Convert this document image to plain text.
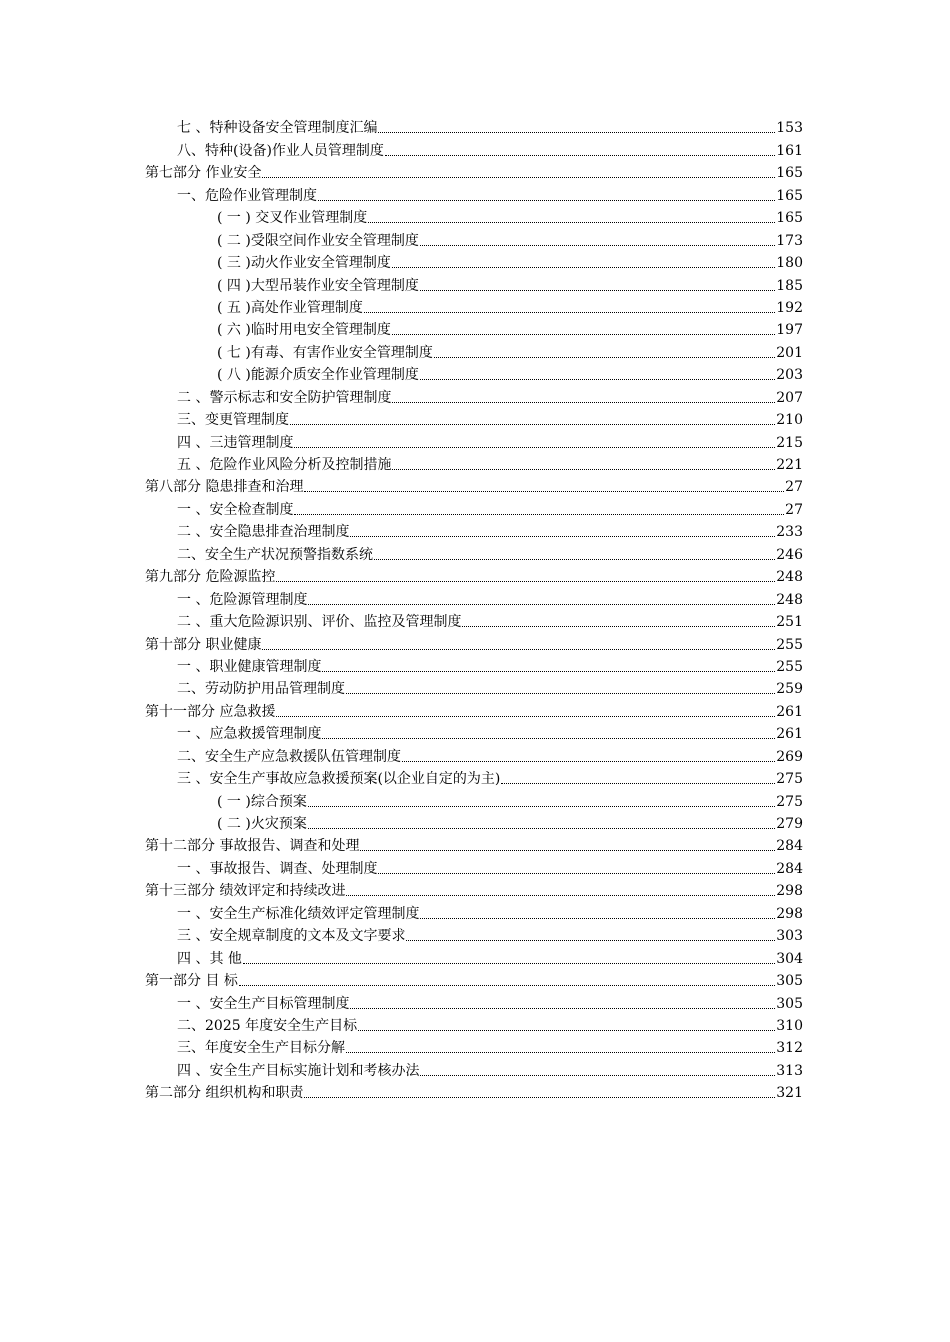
七 、特种设备安全管理制度汇编	153
八、特种(设备)作业人员管理制度	161
第七部分 作业安全	165
一、危险作业管理制度	165
( 一 ) 交叉作业管理制度	165
( 二 )受限空间作业安全管理制度	173
( 三 )动火作业安全管理制度	180
( 四 )大型吊装作业安全管理制度	185
( 五 )高处作业管理制度	192
( 六 )临时用电安全管理制度	197
( 七 )有毒、有害作业安全管理制度	201
( 八 )能源介质安全作业管理制度	203
二 、警示标志和安全防护管理制度	207
三、变更管理制度	210
四 、三违管理制度	215
五 、危险作业风险分析及控制措施	221
第八部分 隐患排查和治理	27
一 、安全检查制度	27
二 、安全隐患排查治理制度	233
二、安全生产状况预警指数系统	246
第九部分 危险源监控	248
一 、危险源管理制度	248
二 、重大危险源识别、评价、监控及管理制度	251
第十部分 职业健康	255
一 、职业健康管理制度	255
二、劳动防护用品管理制度	259
第十一部分 应急救援	261
一 、应急救援管理制度	261
二、安全生产应急救援队伍管理制度	269
三 、安全生产事故应急救援预案(以企业自定的为主)	275
( 一 )综合预案	275
( 二 )火灾预案	279
第十二部分 事故报告、调查和处理	284
一 、事故报告、调查、处理制度	284
第十三部分 绩效评定和持续改进	298
一 、安全生产标准化绩效评定管理制度	298
三 、安全规章制度的文本及文字要求	303
四 、其 他	304
第一部分 目 标	305
一 、安全生产目标管理制度	305
二、2025 年度安全生产目标	310
三、年度安全生产目标分解	312
四 、安全生产目标实施计划和考核办法	313
第二部分 组织机构和职责	321
